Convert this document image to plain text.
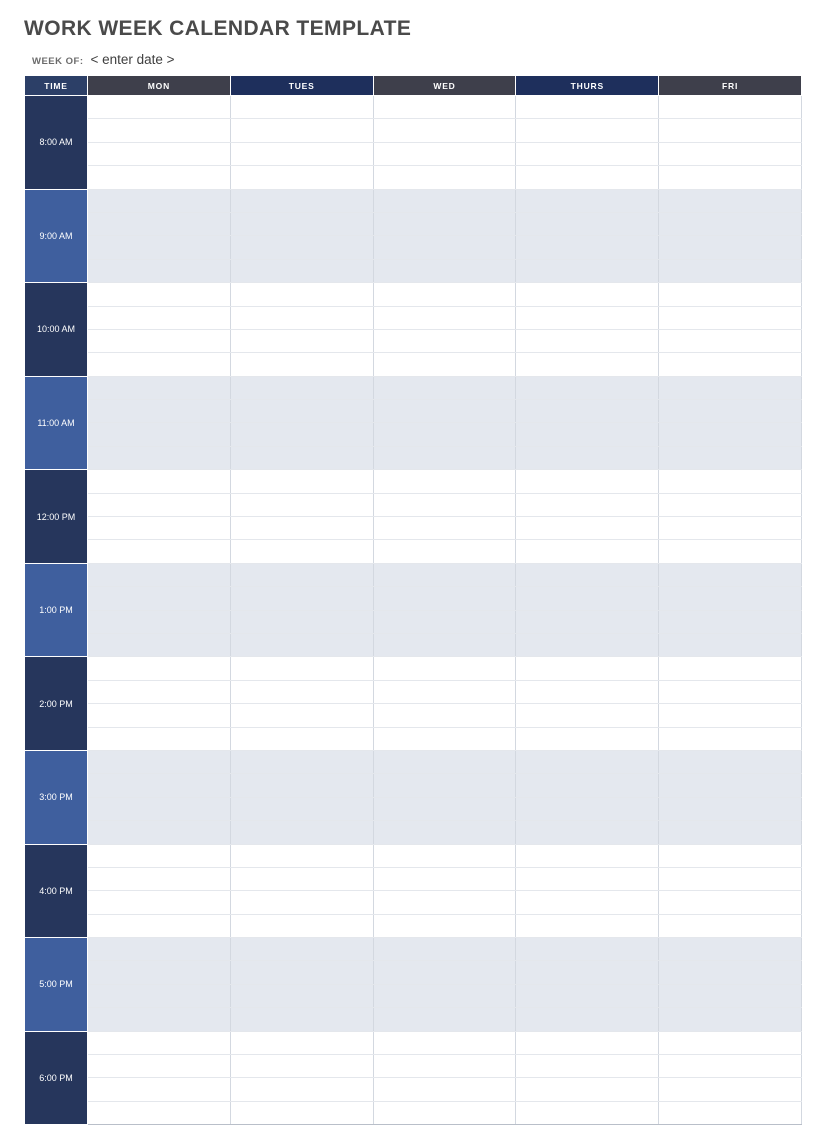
WORK WEEK CALENDAR TEMPLATE
WEEK OF: < enter date >
TIME	MON	TUES	WED	THURS	FRI
8:00 AM					

9:00 AM					

10:00 AM					

11:00 AM					

12:00 PM					

1:00 PM					

2:00 PM					

3:00 PM					

4:00 PM					

5:00 PM					

6:00 PM					
